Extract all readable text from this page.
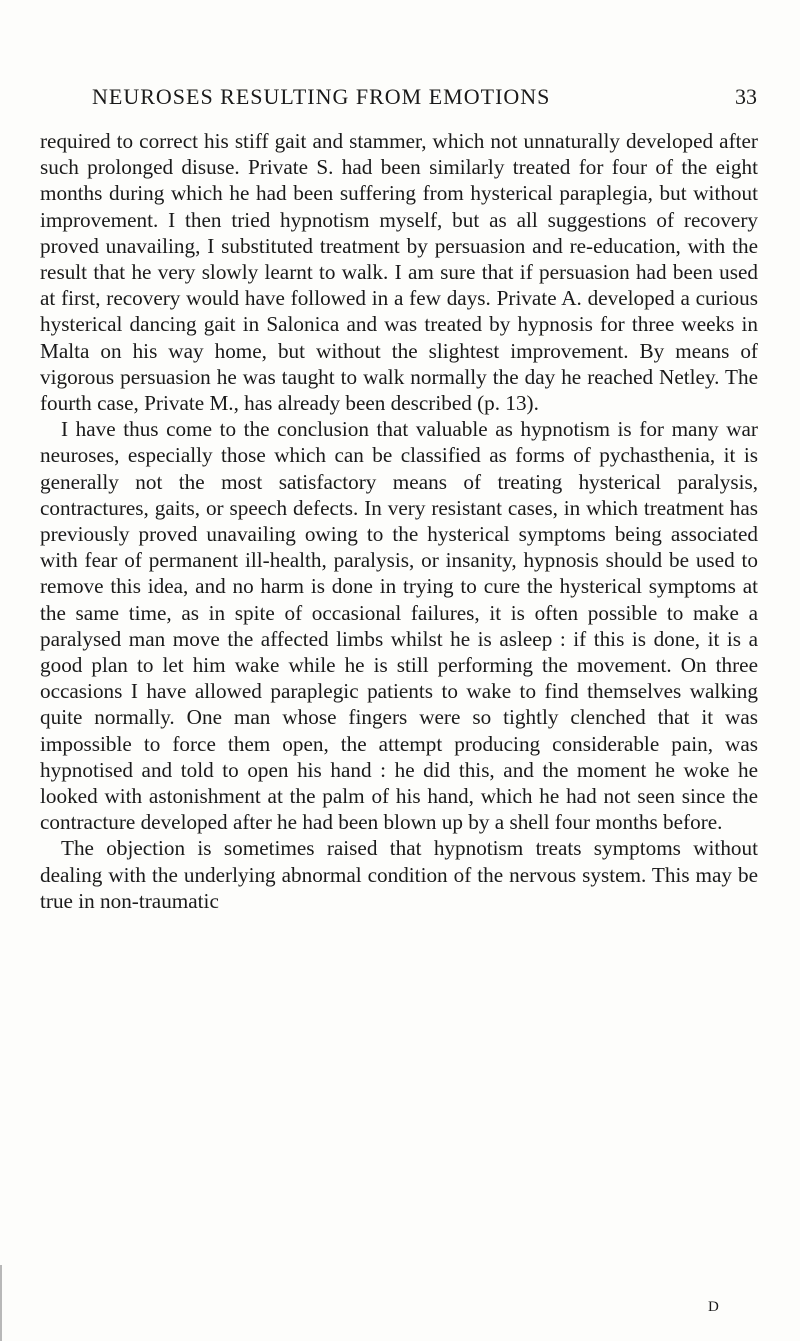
NEUROSES RESULTING FROM EMOTIONS	33

required to correct his stiff gait and stammer, which not unnaturally developed after such prolonged disuse. Private S. had been similarly treated for four of the eight months during which he had been suffering from hysterical paraplegia, but without improvement. I then tried hypnotism myself, but as all suggestions of recovery proved unavailing, I substituted treatment by persuasion and re-education, with the result that he very slowly learnt to walk. I am sure that if persuasion had been used at first, recovery would have followed in a few days. Private A. developed a curious hysterical dancing gait in Salonica and was treated by hypnosis for three weeks in Malta on his way home, but without the slightest improvement. By means of vigorous persuasion he was taught to walk normally the day he reached Netley. The fourth case, Private M., has already been described (p. 13).

I have thus come to the conclusion that valuable as hypnotism is for many war neuroses, especially those which can be classified as forms of pychasthenia, it is generally not the most satisfactory means of treating hysterical paralysis, contractures, gaits, or speech defects. In very resistant cases, in which treatment has previously proved unavailing owing to the hysterical symptoms being associated with fear of permanent ill-health, paralysis, or insanity, hypnosis should be used to remove this idea, and no harm is done in trying to cure the hysterical symptoms at the same time, as in spite of occasional failures, it is often possible to make a paralysed man move the affected limbs whilst he is asleep : if this is done, it is a good plan to let him wake while he is still performing the movement. On three occasions I have allowed paraplegic patients to wake to find themselves walking quite normally. One man whose fingers were so tightly clenched that it was impossible to force them open, the attempt producing considerable pain, was hypnotised and told to open his hand : he did this, and the moment he woke he looked with astonishment at the palm of his hand, which he had not seen since the contracture developed after he had been blown up by a shell four months before.

The objection is sometimes raised that hypnotism treats symptoms without dealing with the underlying abnormal condition of the nervous system. This may be true in non-traumatic

D
